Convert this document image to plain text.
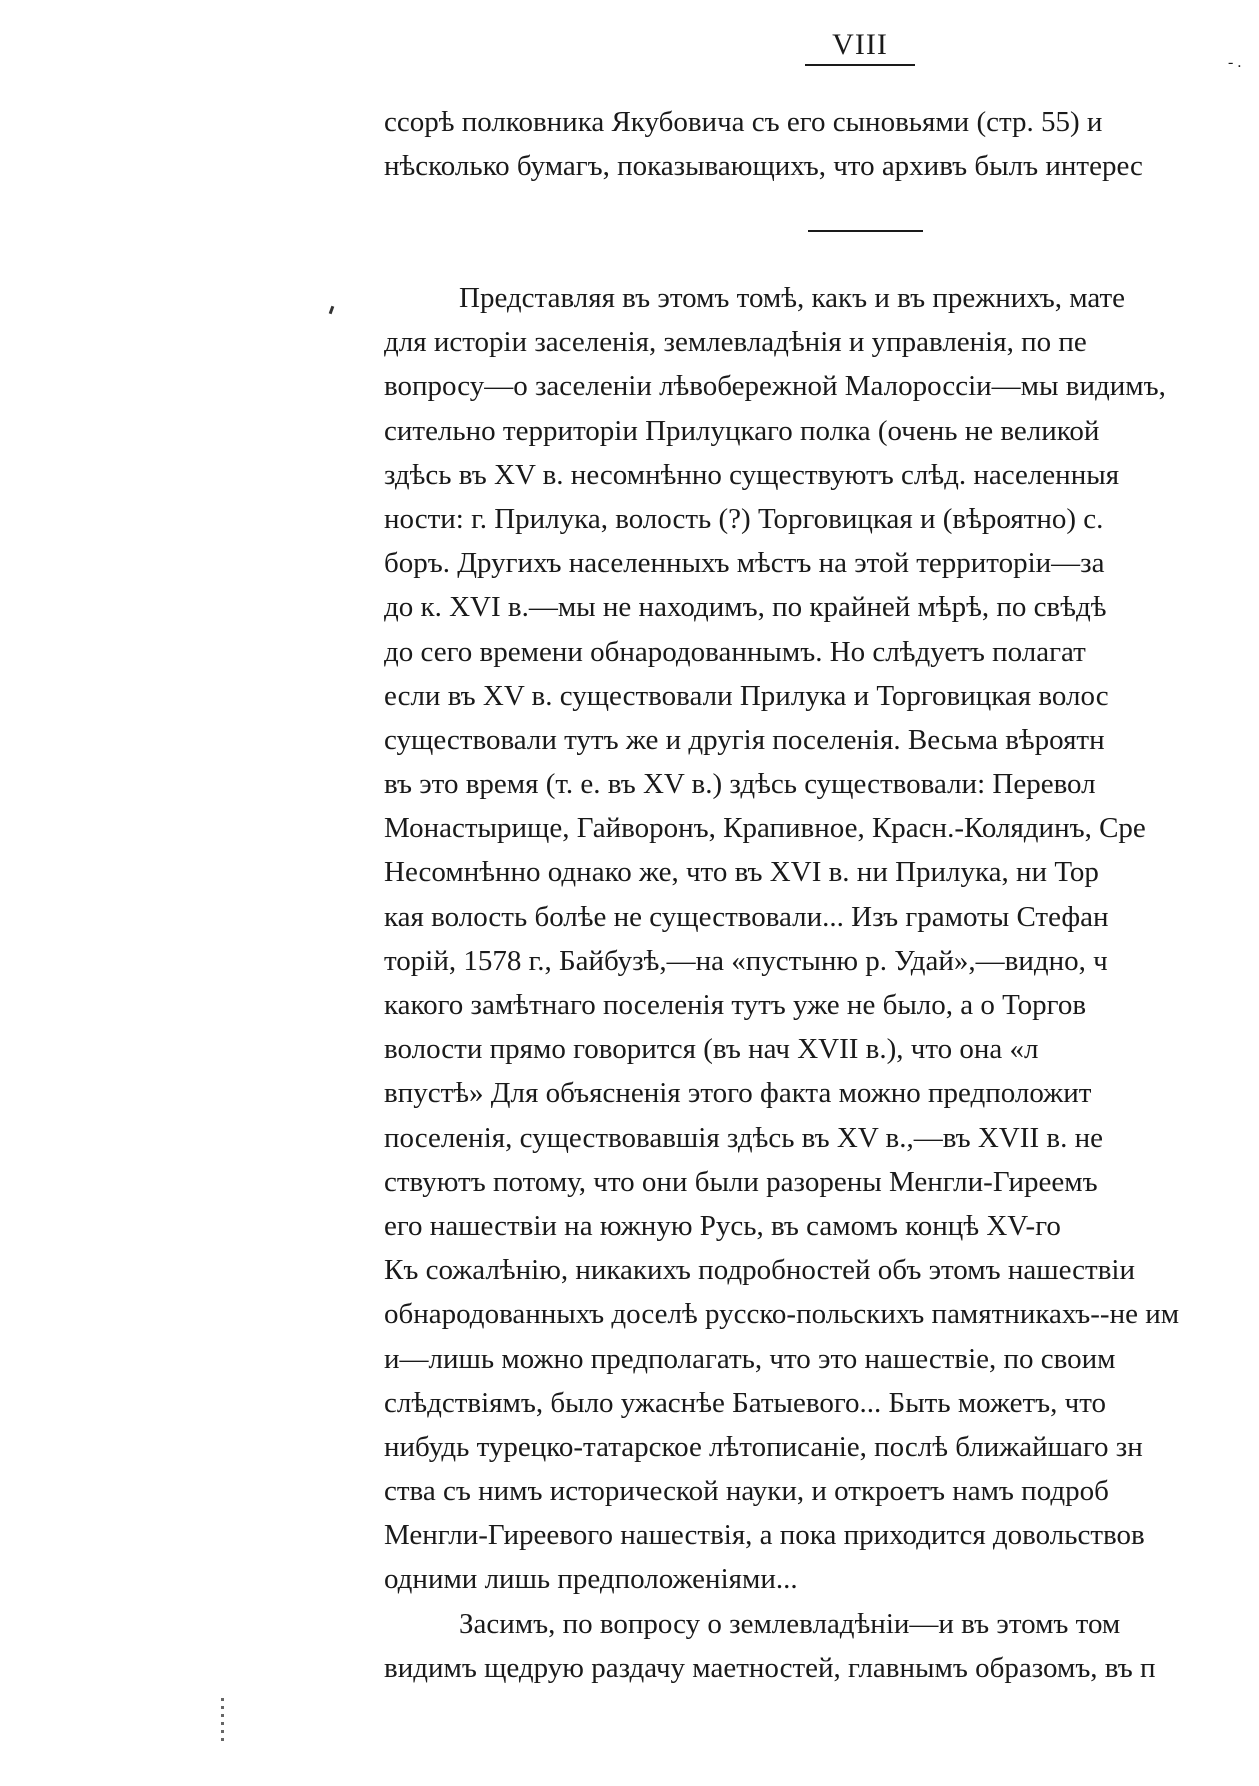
VIII
- .
ссорѣ полковника Якубовича съ его сыновьями (стр. 55) и
нѣсколько бумагъ, показывающихъ, что архивъ былъ интерес
Представляя въ этомъ томѣ, какъ и въ прежнихъ, мате
для исторіи заселенія, землевладѣнія и управленія, по пе
вопросу—о заселеніи лѣвобережной Малороссіи—мы видимъ,
сительно территоріи Прилуцкаго полка (очень не великой
здѣсь въ XV в. несомнѣнно существуютъ слѣд. населенныя
ности: г. Прилука, волость (?) Торговицкая и (вѣроятно) с.
боръ. Другихъ населенныхъ мѣстъ на этой территоріи—за
до к. XVI в.—мы не находимъ, по крайней мѣрѣ, по свѣдѣ
до сего времени обнародованнымъ. Но слѣдуетъ полагат
если въ XV в. существовали Прилука и Торговицкая волос
существовали тутъ же и другія поселенія. Весьма вѣроятн
въ это время (т. е. въ XV в.) здѣсь существовали: Перевол
Монастырище, Гайворонъ, Крапивное, Красн.-Колядинъ, Сре
Несомнѣнно однако же, что въ XVI в. ни Прилука, ни Тор
кая волость болѣе не существовали... Изъ грамоты Стефан
торій, 1578 г., Байбузѣ,—на «пустыню р. Удай»,—видно, ч
какого замѣтнаго поселенія тутъ уже не было, а о Торгов
волости прямо говорится (въ нач XVII в.), что она «л
впустѣ» Для объясненія этого факта можно предположит
поселенія, существовавшія здѣсь въ XV в.,—въ XVII в. не
ствуютъ потому, что они были разорены Менгли-Гиреемъ
его нашествіи на южную Русь, въ самомъ концѣ XV-го
Къ сожалѣнію, никакихъ подробностей объ этомъ нашествіи
обнародованныхъ доселѣ русско-польскихъ памятникахъ--не им
и—лишь можно предполагать, что это нашествіе, по своим
слѣдствіямъ, было ужаснѣе Батыевого... Быть можетъ, что
нибудь турецко-татарское лѣтописаніе, послѣ ближайшаго зн
ства съ нимъ исторической науки, и откроетъ намъ подроб
Менгли-Гиреевого нашествія, а пока приходится довольствов
одними лишь предположеніями...
Засимъ, по вопросу о землевладѣніи—и въ этомъ том
видимъ щедрую раздачу маетностей, главнымъ образомъ, въ п
